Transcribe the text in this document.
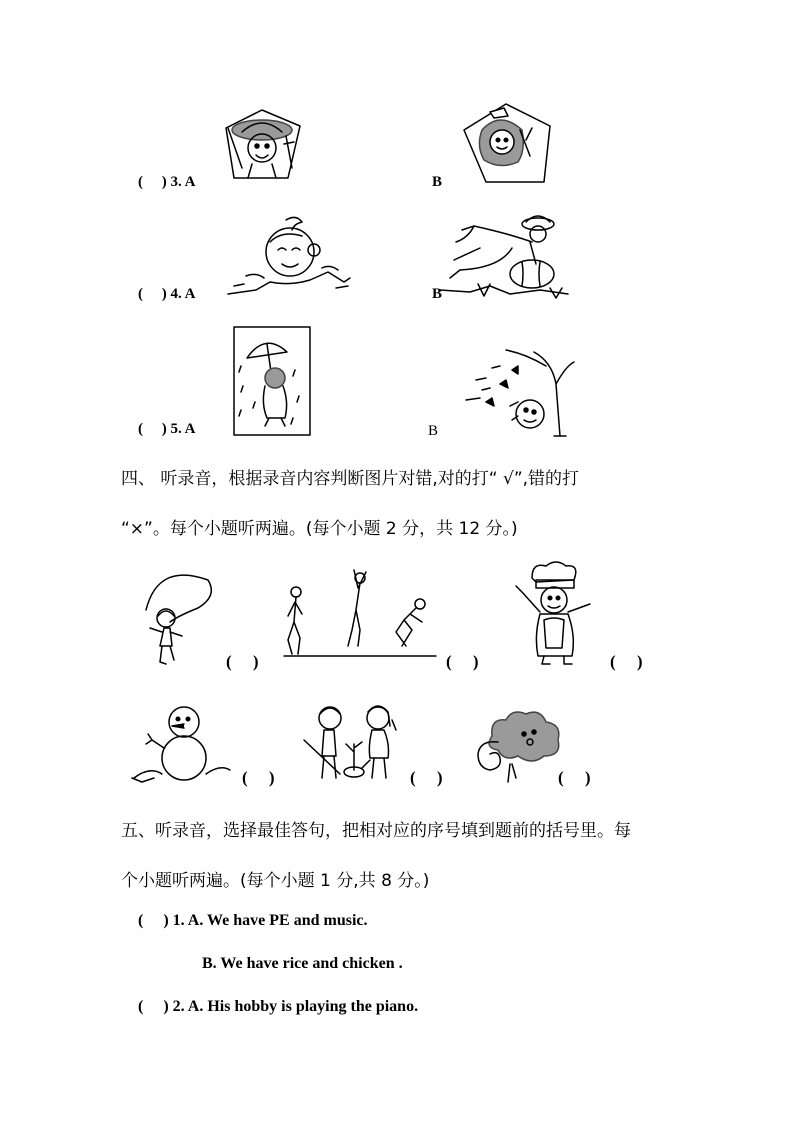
(     ) 3. A	B
(     ) 4. A	B
(     ) 5. A	B
四、 听录音，根据录音内容判断图片对错,对的打“ √”,错的打
“×”。每个小题听两遍。(每个小题 2 分，共 12 分。)
(     )	(     )	(     )
(     )	(     )	(     )
五、听录音，选择最佳答句，把相对应的序号填到题前的括号里。每
个小题听两遍。(每个小题 1 分,共 8 分。)
(     ) 1. A. We have PE and music.
B. We have rice and chicken .
(     ) 2. A. His hobby is playing the piano.
